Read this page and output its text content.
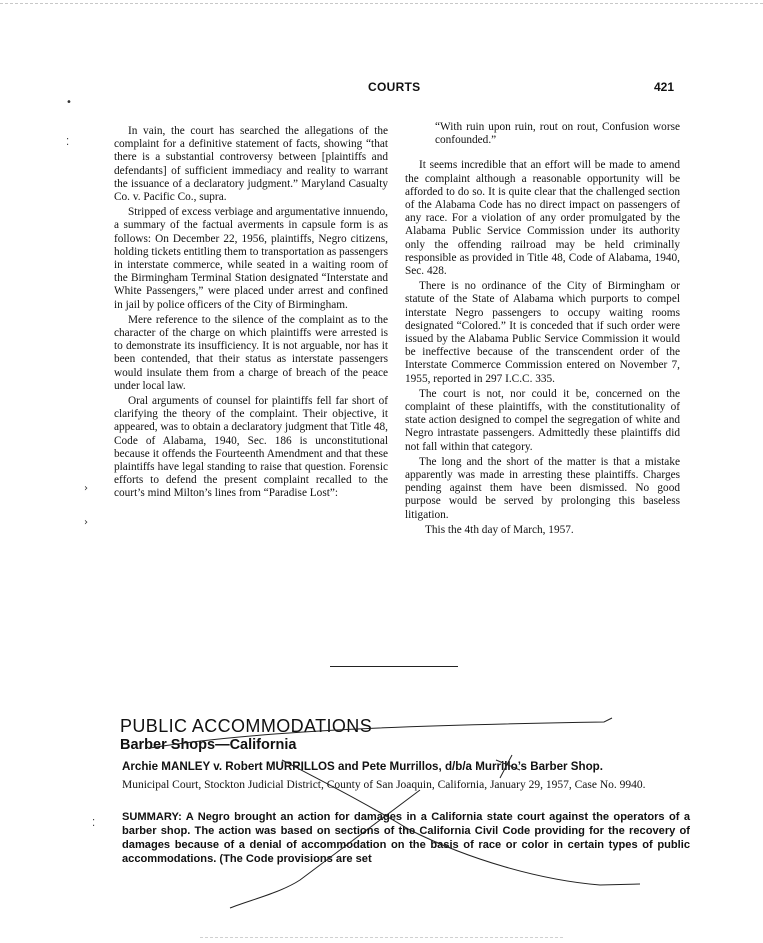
COURTS	421
•
⁚
›
›
⁚

In vain, the court has searched the allegations of the complaint for a definitive statement of facts, showing “that there is a substantial controversy between [plaintiffs and defendants] of sufficient immediacy and reality to warrant the issuance of a declaratory judgment.” Maryland Casualty Co. v. Pacific Co., supra.

Stripped of excess verbiage and argumentative innuendo, a summary of the factual averments in capsule form is as follows: On December 22, 1956, plaintiffs, Negro citizens, holding tickets entitling them to transportation as passengers in interstate commerce, while seated in a waiting room of the Birmingham Terminal Station designated “Interstate and White Passengers,” were placed under arrest and confined in jail by police officers of the City of Birmingham.

Mere reference to the silence of the complaint as to the character of the charge on which plaintiffs were arrested is to demonstrate its insufficiency. It is not arguable, nor has it been contended, that their status as interstate passengers would insulate them from a charge of breach of the peace under local law.

Oral arguments of counsel for plaintiffs fell far short of clarifying the theory of the complaint. Their objective, it appeared, was to obtain a declaratory judgment that Title 48, Code of Alabama, 1940, Sec. 186 is unconstitutional because it offends the Fourteenth Amendment and that these plaintiffs have legal standing to raise that question. Forensic efforts to defend the present complaint recalled to the court’s mind Milton’s lines from “Paradise Lost”:

“With ruin upon ruin, rout on rout, Confusion worse confounded.”

It seems incredible that an effort will be made to amend the complaint although a reasonable opportunity will be afforded to do so. It is quite clear that the challenged section of the Alabama Code has no direct impact on passengers of any race. For a violation of any order promulgated by the Alabama Public Service Commission under its authority only the offending railroad may be held criminally responsible as provided in Title 48, Code of Alabama, 1940, Sec. 428.

There is no ordinance of the City of Birmingham or statute of the State of Alabama which purports to compel interstate Negro passengers to occupy waiting rooms designated “Colored.” It is conceded that if such order were issued by the Alabama Public Service Commission it would be ineffective because of the transcendent order of the Interstate Commerce Commission entered on November 7, 1955, reported in 297 I.C.C. 335.

The court is not, nor could it be, concerned on the complaint of these plaintiffs, with the constitutionality of state action designed to compel the segregation of white and Negro intrastate passengers. Admittedly these plaintiffs did not fall within that category.

The long and the short of the matter is that a mistake apparently was made in arresting these plaintiffs. Charges pending against them have been dismissed. No good purpose would be served by prolonging this baseless litigation.

This the 4th day of March, 1957.

PUBLIC ACCOMMODATIONS
Barber Shops—California
Archie MANLEY v. Robert MURRILLOS and Pete Murrillos, d/b/a Murrillo’s Barber Shop.
Municipal Court, Stockton Judicial District, County of San Joaquin, California, January 29, 1957, Case No. 9940.
SUMMARY: A Negro brought an action for damages in a California state court against the operators of a barber shop. The action was based on sections of the California Civil Code providing for the recovery of damages because of a denial of accommodation on the basis of race or color in certain types of public accommodations. (The Code provisions are set
